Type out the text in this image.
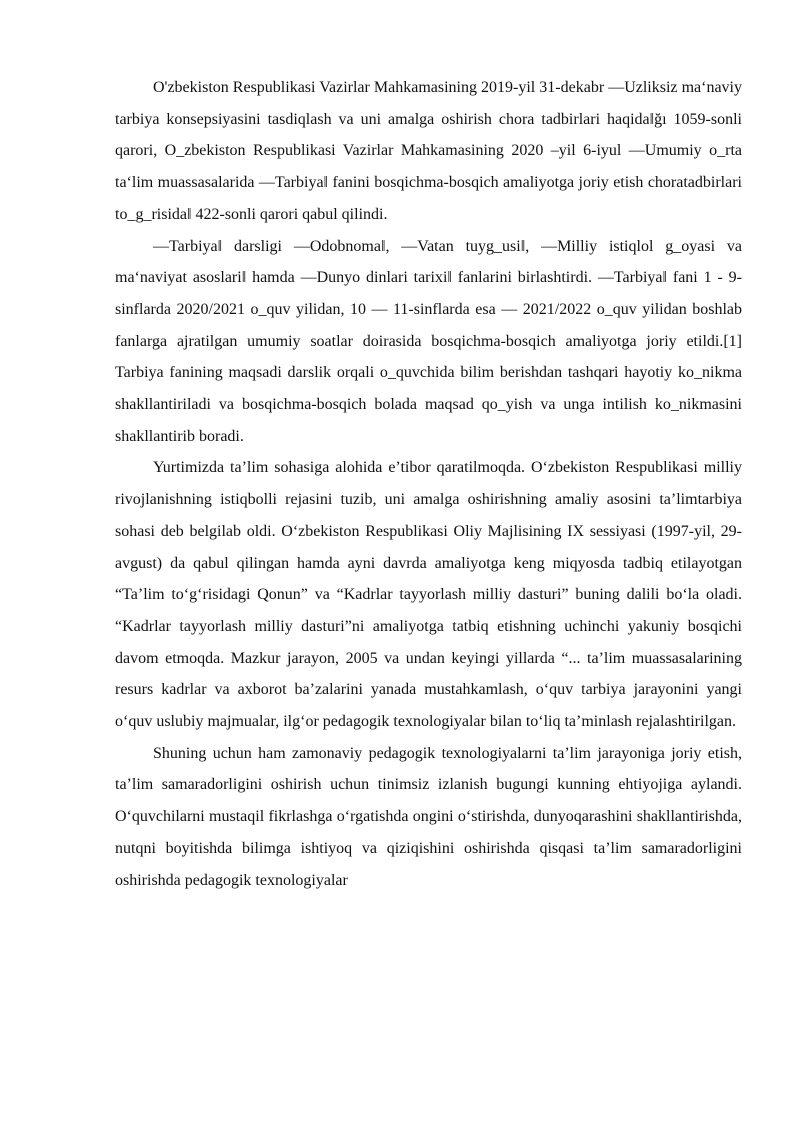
O'zbekiston Respublikasi Vazirlar Mahkamasining 2019-yil 31-dekabr ―Uzliksiz ma‘naviy tarbiya konsepsiyasini tasdiqlash va uni amalga oshirish chora tadbirlari haqida‖ğı 1059-sonli qarori, O_zbekiston Respublikasi Vazirlar Mahkamasining 2020 –yil 6-iyul ―Umumiy o_rta ta‘lim muassasalarida ―Tarbiya‖ fanini bosqichma-bosqich amaliyotga joriy etish choratadbirlari to_g_risida‖ 422-sonli qarori qabul qilindi.

―Tarbiya‖ darsligi ―Odobnoma‖, ―Vatan tuyg_usi‖, ―Milliy istiqlol g_oyasi va ma‘naviyat asoslari‖ hamda ―Dunyo dinlari tarixi‖ fanlarini birlashtirdi. ―Tarbiya‖ fani 1 - 9-sinflarda 2020/2021 o_quv yilidan, 10 — 11-sinflarda esa — 2021/2022 o_quv yilidan boshlab fanlarga ajratilgan umumiy soatlar doirasida bosqichma-bosqich amaliyotga joriy etildi.[1] Tarbiya fanining maqsadi darslik orqali o_quvchida bilim berishdan tashqari hayotiy ko_nikma shakllantiriladi va bosqichma-bosqich bolada maqsad qo_yish va unga intilish ko_nikmasini shakllantirib boradi.

Yurtimizda ta’lim sohasiga alohida e’tibor qaratilmoqda. O‘zbekiston Respublikasi milliy rivojlanishning istiqbolli rejasini tuzib, uni amalga oshirishning amaliy asosini ta’limtarbiya sohasi deb belgilab oldi. O‘zbekiston Respublikasi Oliy Majlisining IX sessiyasi (1997-yil, 29-avgust) da qabul qilingan hamda ayni davrda amaliyotga keng miqyosda tadbiq etilayotgan “Ta’lim to‘g‘risidagi Qonun” va “Kadrlar tayyorlash milliy dasturi” buning dalili bo‘la oladi. “Kadrlar tayyorlash milliy dasturi”ni amaliyotga tatbiq etishning uchinchi yakuniy bosqichi davom etmoqda. Mazkur jarayon, 2005 va undan keyingi yillarda “... ta’lim muassasalarining resurs kadrlar va axborot ba’zalarini yanada mustahkamlash, o‘quv tarbiya jarayonini yangi o‘quv uslubiy majmualar, ilg‘or pedagogik texnologiyalar bilan to‘liq ta’minlash rejalashtirilgan.

Shuning uchun ham zamonaviy pedagogik texnologiyalarni ta’lim jarayoniga joriy etish, ta’lim samaradorligini oshirish uchun tinimsiz izlanish bugungi kunning ehtiyojiga aylandi. O‘quvchilarni mustaqil fikrlashga o‘rgatishda ongini o‘stirishda, dunyoqarashini shakllantirishda, nutqni boyitishda bilimga ishtiyoq va qiziqishini oshirishda qisqasi ta’lim samaradorligini oshirishda pedagogik texnologiyalar
